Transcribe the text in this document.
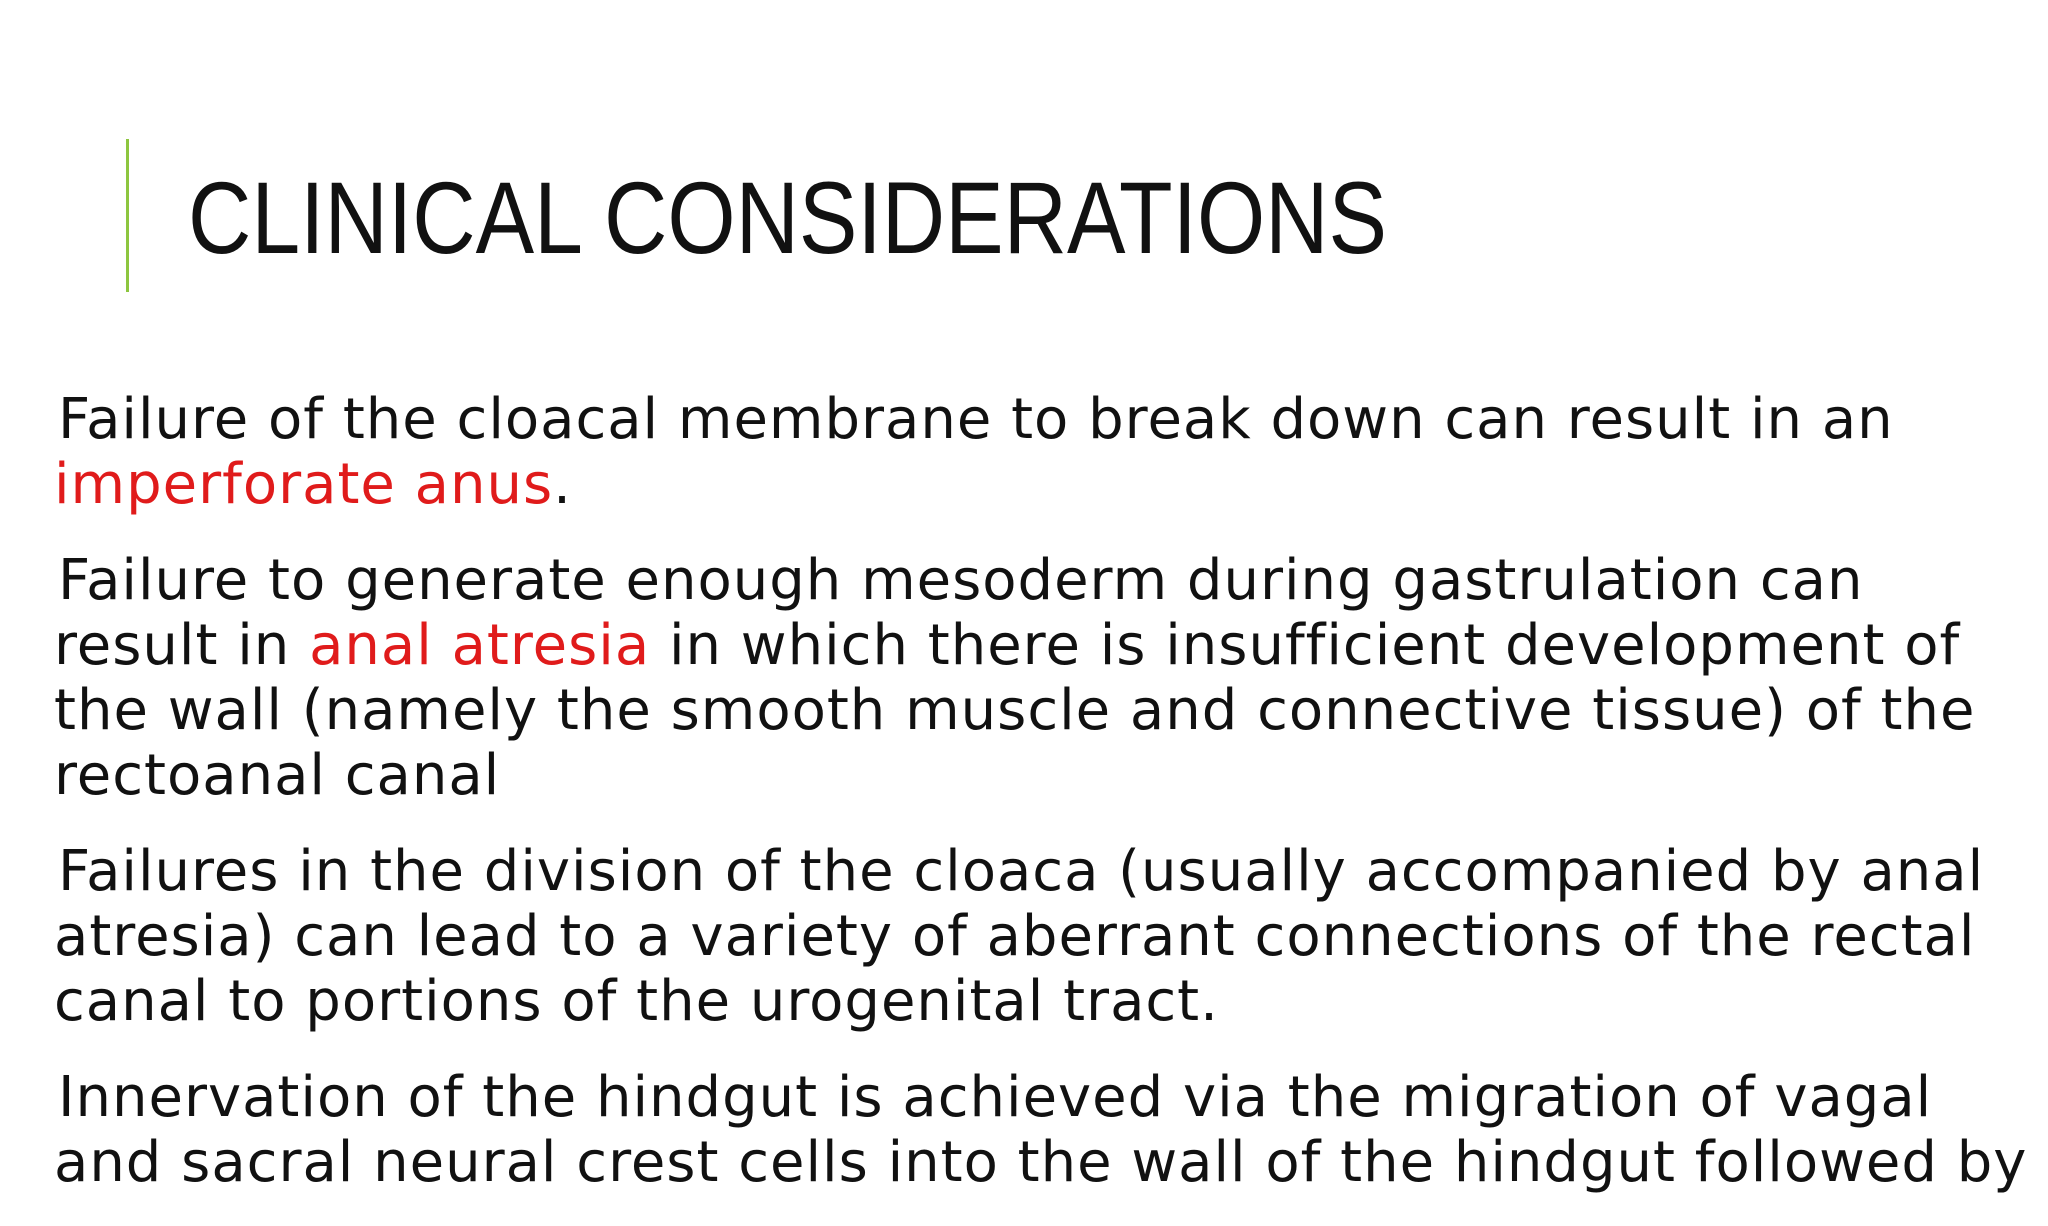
CLINICAL CONSIDERATIONS

Failure of the cloacal membrane to break down can result in an imperforate anus.

Failure to generate enough mesoderm during gastrulation can result in anal atresia in which there is insufficient development of the wall (namely the smooth muscle and connective tissue) of the rectoanal canal

Failures in the division of the cloaca (usually accompanied by anal atresia) can lead to a variety of aberrant connections of the rectal canal to portions of the urogenital tract.

Innervation of the hindgut is achieved via the migration of vagal and sacral neural crest cells into the wall of the hindgut followed by
